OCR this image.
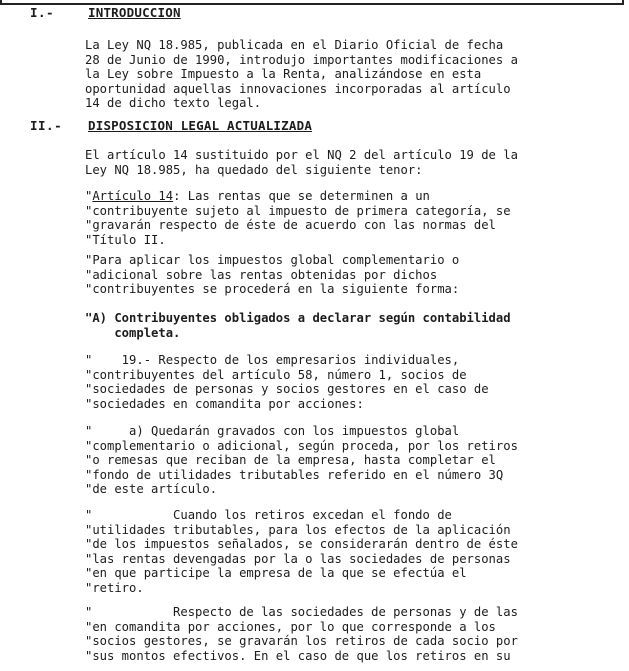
I.-	INTRODUCCION
La Ley NQ 18.985, publicada en el Diario Oficial de fecha
28 de Junio de 1990, introdujo importantes modificaciones a
la Ley sobre Impuesto a la Renta, analizándose en esta
oportunidad aquellas innovaciones incorporadas al artículo
14 de dicho texto legal.
II.- DISPOSICION LEGAL ACTUALIZADA
El artículo 14 sustituido por el NQ 2 del artículo 19 de la
Ley NQ 18.985, ha quedado del siguiente tenor:
"Artículo 14: Las rentas que se determinen a un
"contribuyente sujeto al impuesto de primera categoría, se
"gravarán respecto de éste de acuerdo con las normas del
"Título II.
"Para aplicar los impuestos global complementario o
"adicional sobre las rentas obtenidas por dichos
"contribuyentes se procederá en la siguiente forma:
"A) Contribuyentes obligados a declarar según contabilidad
completa.
"    19.- Respecto de los empresarios individuales,
"contribuyentes del artículo 58, número 1, socios de
"sociedades de personas y socios gestores en el caso de
"sociedades en comandita por acciones:
"     a) Quedarán gravados con los impuestos global
"complementario o adicional, según proceda, por los retiros
"o remesas que reciban de la empresa, hasta completar el
"fondo de utilidades tributables referido en el número 3Q
"de este artículo.
"           Cuando los retiros excedan el fondo de
"utilidades tributables, para los efectos de la aplicación
"de los impuestos señalados, se considerarán dentro de éste
"las rentas devengadas por la o las sociedades de personas
"en que participe la empresa de la que se efectúa el
"retiro.
"           Respecto de las sociedades de personas y de las
"en comandita por acciones, por lo que corresponde a los
"socios gestores, se gravarán los retiros de cada socio por
"sus montos efectivos. En el caso de que los retiros en su
